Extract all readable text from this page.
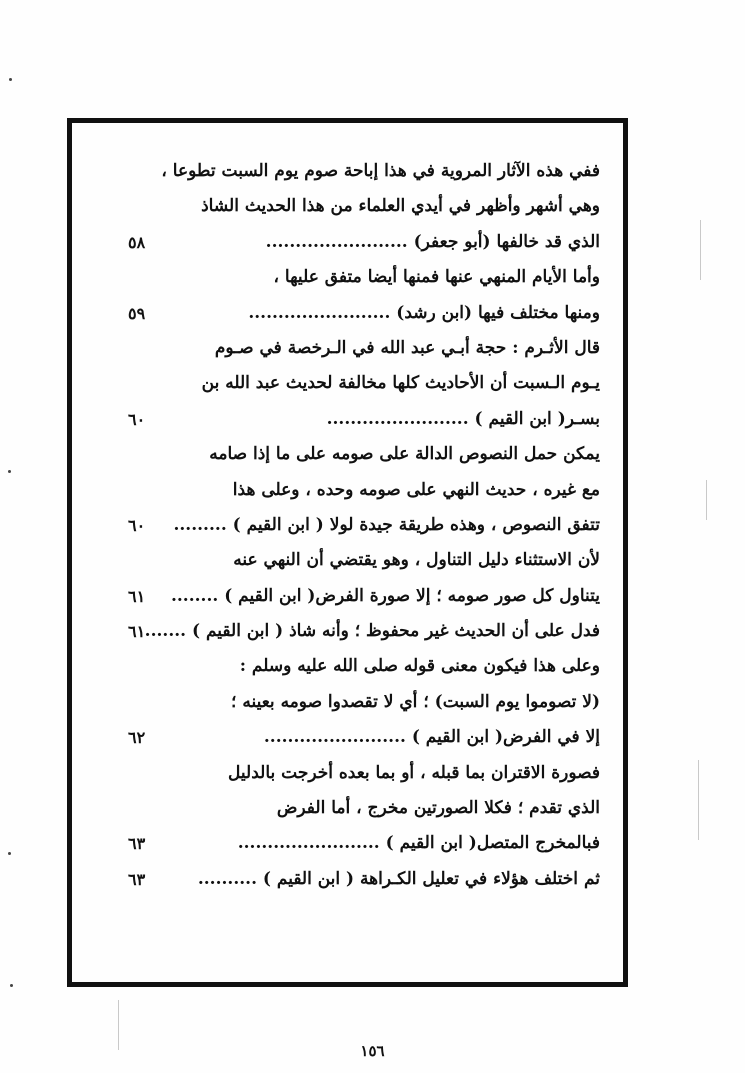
ففي هذه الآثار المروية في هذا إباحة صوم يوم السبت تطوعا ،
وهي أشهر وأظهر في أيدي العلماء من هذا الحديث الشاذ
الذي قد خالفها (أبو جعفر) ........................
٥٨
وأما الأيام المنهي عنها فمنها أيضا متفق عليها ،
ومنها مختلف فيها (ابن رشد) ........................
٥٩
قال الأثـرم : حجة أبـي عبد الله في الـرخصة في صـوم
يـوم الـسبت أن الأحاديث كلها مخالفة لحديث عبد الله بن
بسـر( ابن القيم ) ........................
٦٠
يمكن حمل النصوص الدالة على صومه على ما إذا صامه
مع غيره ، حديث النهي على صومه وحده ، وعلى هذا
تتفق النصوص ، وهذه طريقة جيدة لولا ( ابن القيم ) .........
٦٠
لأن الاستثناء دليل التناول ، وهو يقتضي أن النهي عنه
يتناول كل صور صومه ؛ إلا صورة الفرض( ابن القيم ) ........
٦١
فدل على أن الحديث غير محفوظ ؛ وأنه شاذ ( ابن القيم ) .......
٦١
وعلى هذا فيكون معنى قوله صلى الله عليه وسلم :
(لا تصوموا يوم السبت) ؛ أي لا تقصدوا صومه بعينه ؛
إلا في الفرض( ابن القيم ) ........................
٦٢
فصورة الاقتران بما قبله ، أو بما بعده أخرجت بالدليل
الذي تقدم ؛ فكلا الصورتين مخرج ، أما الفرض
فبالمخرج المتصل( ابن القيم ) ........................
٦٣
ثم اختلف هؤلاء في تعليل الكـراهة ( ابن القيم ) ..........
٦٣
١٥٦
